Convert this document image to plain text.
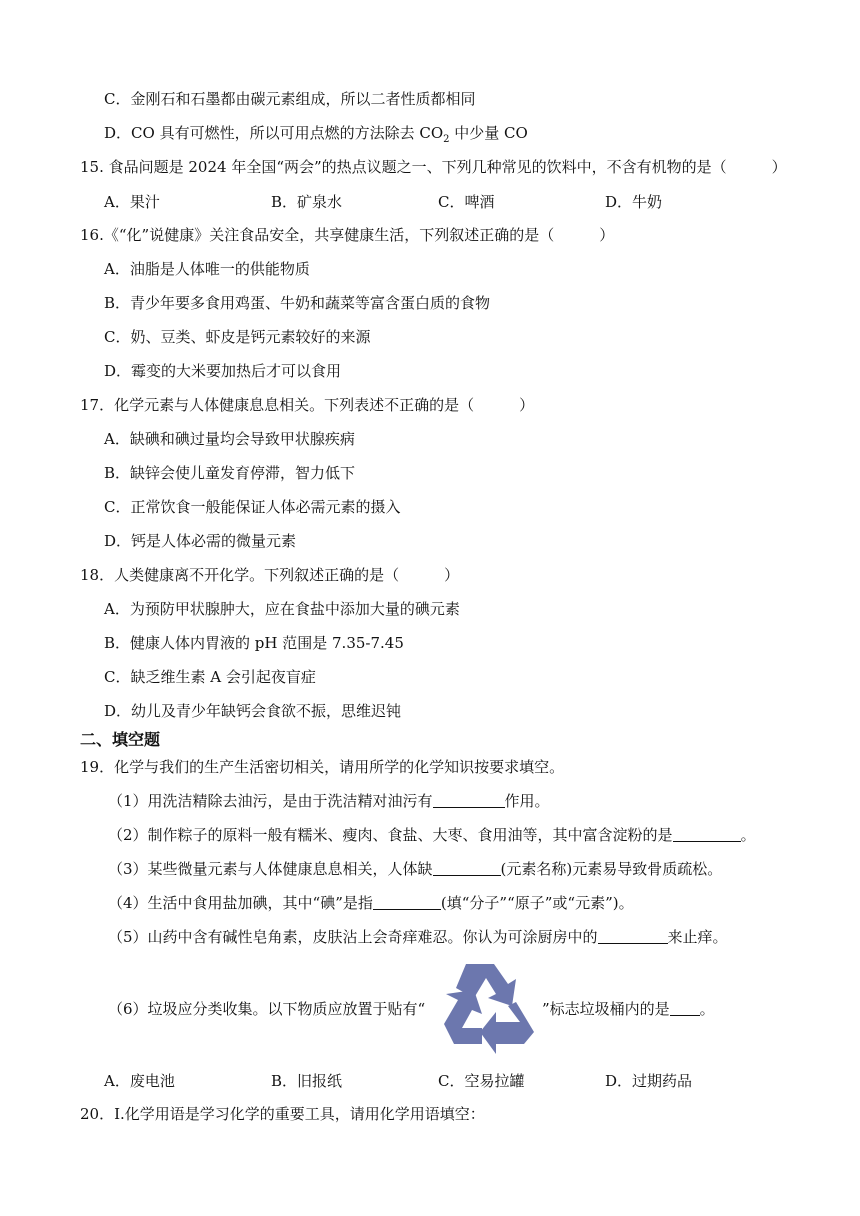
C．金刚石和石墨都由碳元素组成，所以二者性质都相同
D．CO 具有可燃性，所以可用点燃的方法除去 $CO_2$ 中少量 CO
15. 食品问题是 2024 年全国“两会”的热点议题之一、下列几种常见的饮料中，不含有机物的是（　　　）
A．果汁	B．矿泉水	C．啤酒	D．牛奶
16.《“化”说健康》关注食品安全，共享健康生活，下列叙述正确的是（　　　）
A．油脂是人体唯一的供能物质
B．青少年要多食用鸡蛋、牛奶和蔬菜等富含蛋白质的食物
C．奶、豆类、虾皮是钙元素较好的来源
D．霉变的大米要加热后才可以食用
17．化学元素与人体健康息息相关。下列表述不正确的是（　　　）
A．缺碘和碘过量均会导致甲状腺疾病
B．缺锌会使儿童发育停滞，智力低下
C．正常饮食一般能保证人体必需元素的摄入
D．钙是人体必需的微量元素
18．人类健康离不开化学。下列叙述正确的是（　　　）
A．为预防甲状腺肿大，应在食盐中添加大量的碘元素
B．健康人体内胃液的 pH 范围是 7.35-7.45
C．缺乏维生素 A 会引起夜盲症
D．幼儿及青少年缺钙会食欲不振，思维迟钝
二、填空题
19．化学与我们的生产生活密切相关，请用所学的化学知识按要求填空。
（1）用洗洁精除去油污，是由于洗洁精对油污有	作用。
（2）制作粽子的原料一般有糯米、瘦肉、食盐、大枣、食用油等，其中富含淀粉的是	。
（3）某些微量元素与人体健康息息相关，人体缺	(元素名称)元素易导致骨质疏松。
（4）生活中食用盐加碘，其中“碘”是指	(填“分子”“原子”或“元素”)。
（5）山药中含有碱性皂角素，皮肤沾上会奇痒难忍。你认为可涂厨房中的	来止痒。
（6）垃圾应分类收集。以下物质应放置于贴有“	”标志垃圾桶内的是 。
A．废电池	B．旧报纸	C．空易拉罐	D．过期药品
20．Ⅰ.化学用语是学习化学的重要工具，请用化学用语填空：
